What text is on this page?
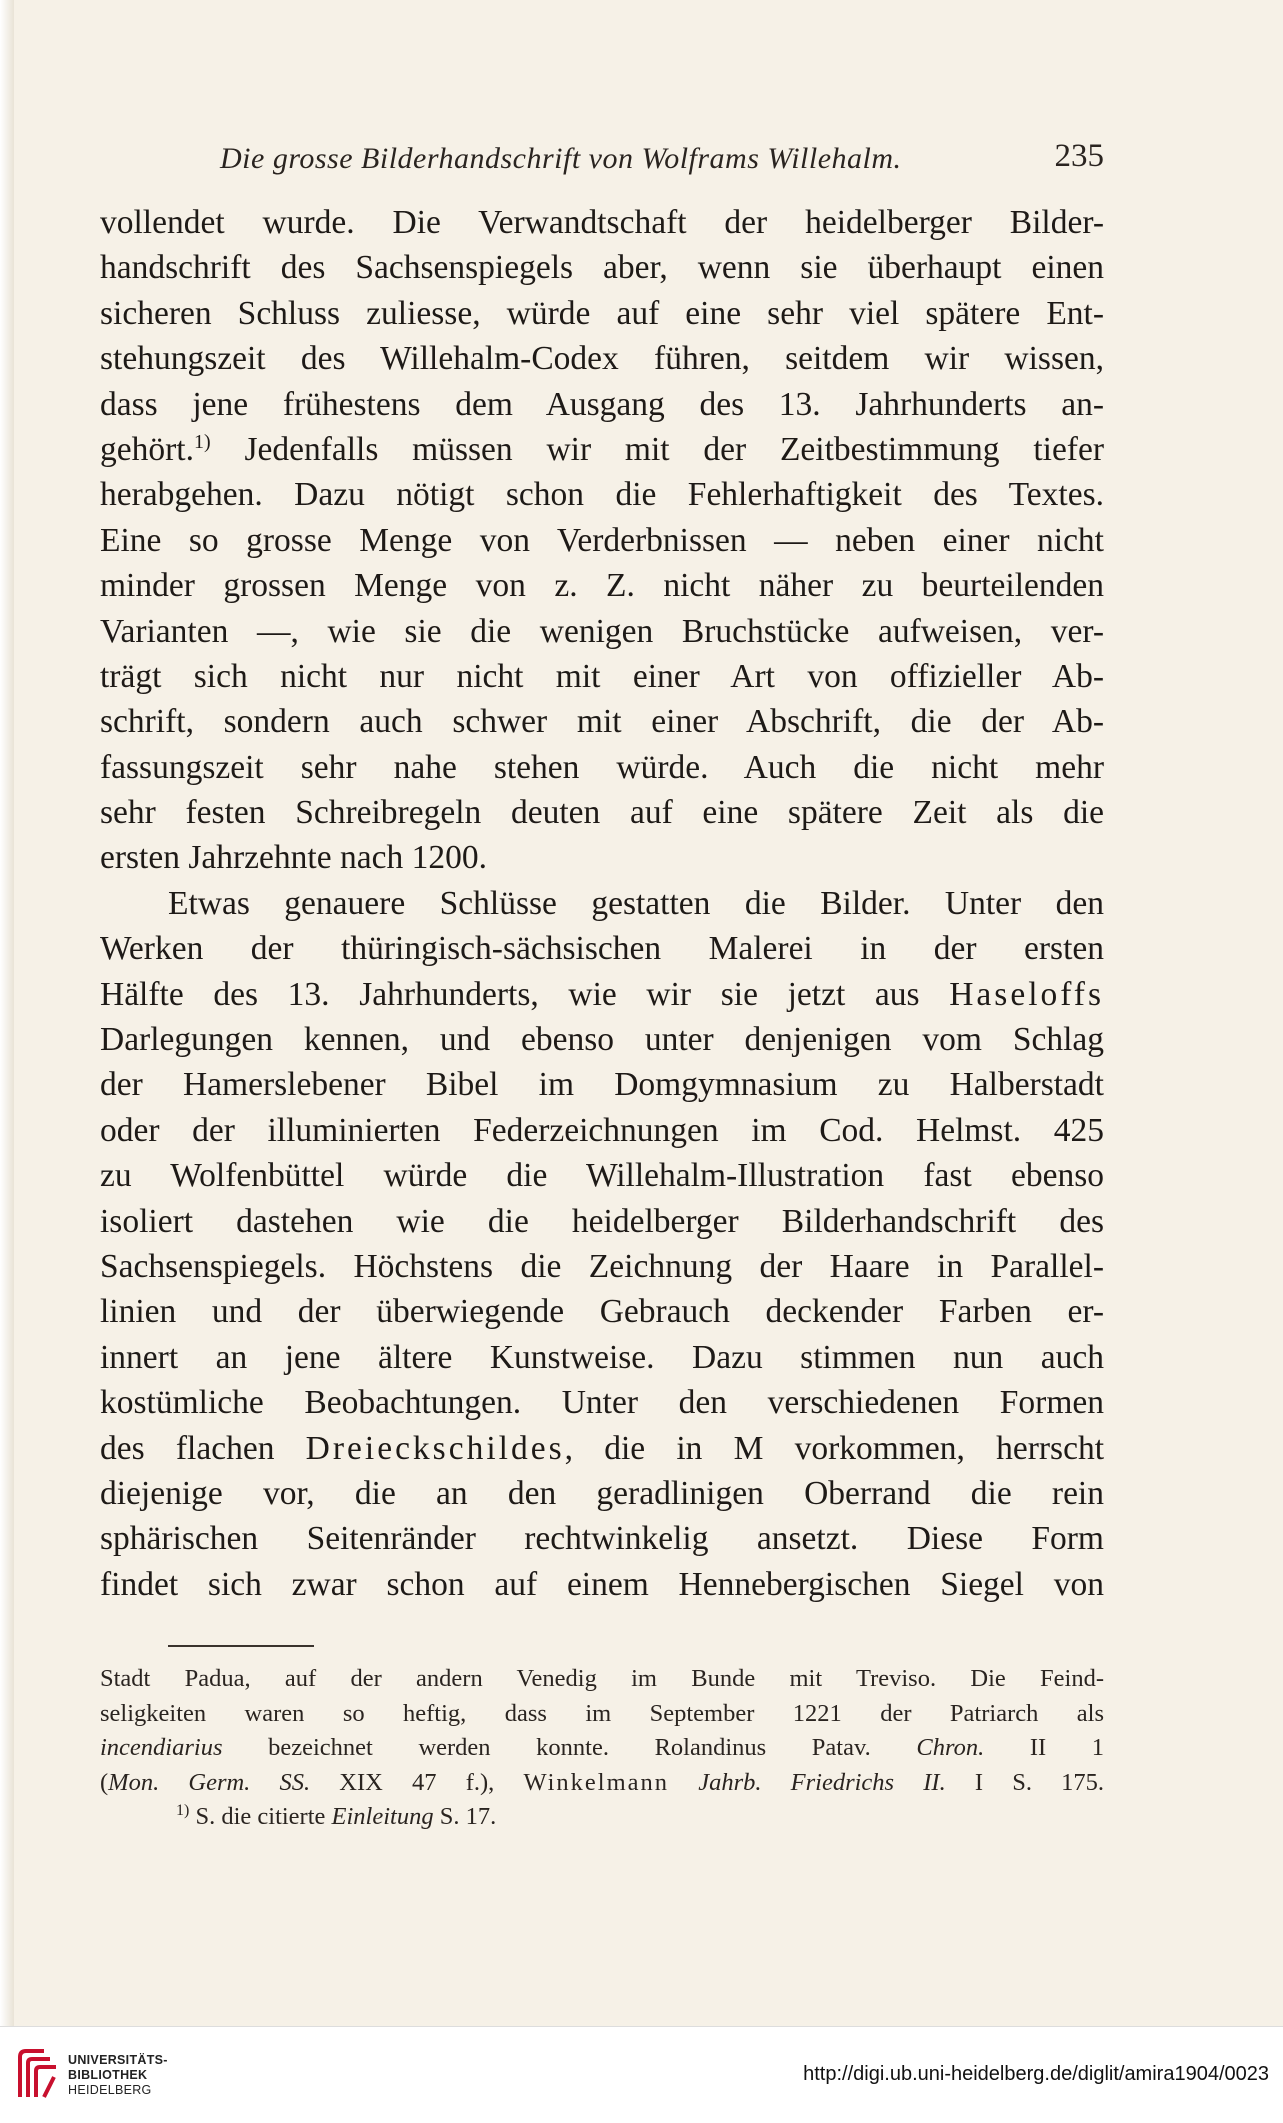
Die grosse Bilderhandschrift von Wolframs Willehalm.	235
vollendet wurde. Die Verwandtschaft der heidelberger Bilder-
handschrift des Sachsenspiegels aber, wenn sie überhaupt einen
sicheren Schluss zuliesse, würde auf eine sehr viel spätere Ent-
stehungszeit des Willehalm-Codex führen, seitdem wir wissen,
dass jene frühestens dem Ausgang des 13. Jahrhunderts an-
gehört.$^{1)}$ Jedenfalls müssen wir mit der Zeitbestimmung tiefer
herabgehen. Dazu nötigt schon die Fehlerhaftigkeit des Textes.
Eine so grosse Menge von Verderbnissen — neben einer nicht
minder grossen Menge von z. Z. nicht näher zu beurteilenden
Varianten —, wie sie die wenigen Bruchstücke aufweisen, ver-
trägt sich nicht nur nicht mit einer Art von offizieller Ab-
schrift, sondern auch schwer mit einer Abschrift, die der Ab-
fassungszeit sehr nahe stehen würde. Auch die nicht mehr
sehr festen Schreibregeln deuten auf eine spätere Zeit als die
ersten Jahrzehnte nach 1200.
Etwas genauere Schlüsse gestatten die Bilder. Unter den
Werken der thüringisch-sächsischen Malerei in der ersten
Hälfte des 13. Jahrhunderts, wie wir sie jetzt aus Haseloffs
Darlegungen kennen, und ebenso unter denjenigen vom Schlag
der Hamerslebener Bibel im Domgymnasium zu Halberstadt
oder der illuminierten Federzeichnungen im Cod. Helmst. 425
zu Wolfenbüttel würde die Willehalm-Illustration fast ebenso
isoliert dastehen wie die heidelberger Bilderhandschrift des
Sachsenspiegels. Höchstens die Zeichnung der Haare in Parallel-
linien und der überwiegende Gebrauch deckender Farben er-
innert an jene ältere Kunstweise. Dazu stimmen nun auch
kostümliche Beobachtungen. Unter den verschiedenen Formen
des flachen Dreieckschildes, die in M vorkommen, herrscht
diejenige vor, die an den geradlinigen Oberrand die rein
sphärischen Seitenränder rechtwinkelig ansetzt. Diese Form
findet sich zwar schon auf einem Hennebergischen Siegel von
Stadt Padua, auf der andern Venedig im Bunde mit Treviso. Die Feind-
seligkeiten waren so heftig, dass im September 1221 der Patriarch als
incendiarius bezeichnet werden konnte. Rolandinus Patav. Chron. II 1
(Mon. Germ. SS. XIX 47 f.), Winkelmann Jahrb. Friedrichs II. I S. 175.
$^{1)}$ S. die citierte Einleitung S. 17.
UNIVERSITÄTS-
BIBLIOTHEK
HEIDELBERG
http://digi.ub.uni-heidelberg.de/diglit/amira1904/0023
